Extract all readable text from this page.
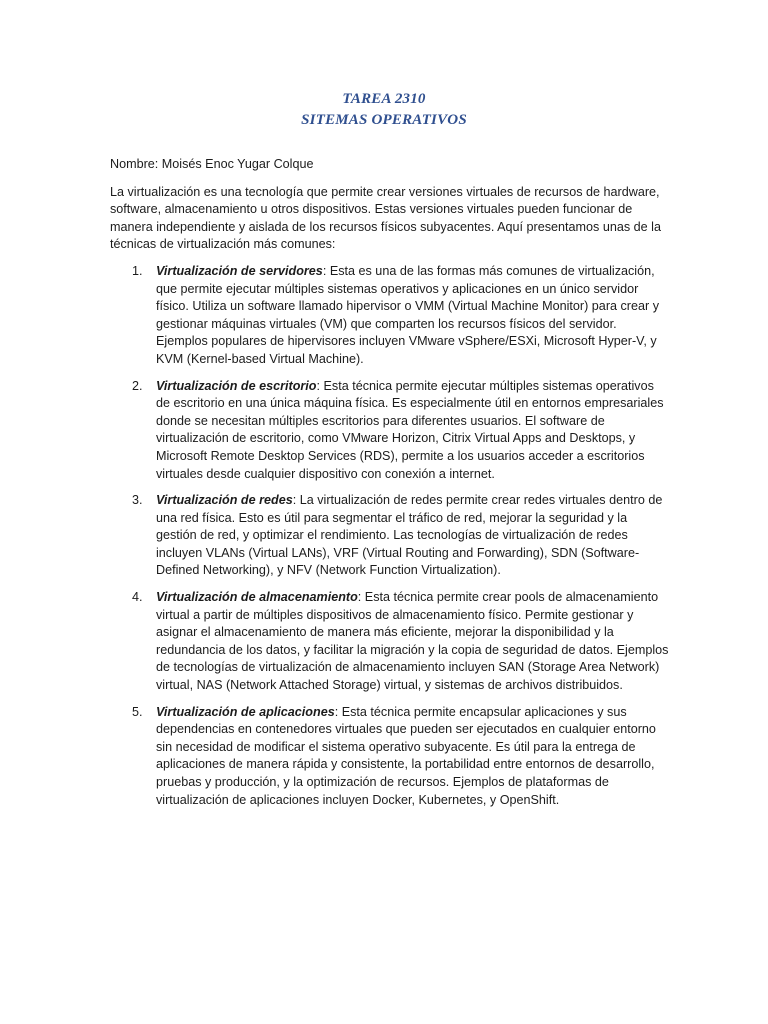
TAREA 2310
SITEMAS OPERATIVOS

Nombre: Moisés Enoc Yugar Colque

La virtualización es una tecnología que permite crear versiones virtuales de recursos de hardware, software, almacenamiento u otros dispositivos. Estas versiones virtuales pueden funcionar de manera independiente y aislada de los recursos físicos subyacentes. Aquí presentamos unas de la técnicas de virtualización más comunes:

1.	Virtualización de servidores: Esta es una de las formas más comunes de virtualización, que permite ejecutar múltiples sistemas operativos y aplicaciones en un único servidor físico. Utiliza un software llamado hipervisor o VMM (Virtual Machine Monitor) para crear y gestionar máquinas virtuales (VM) que comparten los recursos físicos del servidor. Ejemplos populares de hipervisores incluyen VMware vSphere/ESXi, Microsoft Hyper-V, y KVM (Kernel-based Virtual Machine).
2.	Virtualización de escritorio: Esta técnica permite ejecutar múltiples sistemas operativos de escritorio en una única máquina física. Es especialmente útil en entornos empresariales donde se necesitan múltiples escritorios para diferentes usuarios. El software de virtualización de escritorio, como VMware Horizon, Citrix Virtual Apps and Desktops, y Microsoft Remote Desktop Services (RDS), permite a los usuarios acceder a escritorios virtuales desde cualquier dispositivo con conexión a internet.
3.	Virtualización de redes: La virtualización de redes permite crear redes virtuales dentro de una red física. Esto es útil para segmentar el tráfico de red, mejorar la seguridad y la gestión de red, y optimizar el rendimiento. Las tecnologías de virtualización de redes incluyen VLANs (Virtual LANs), VRF (Virtual Routing and Forwarding), SDN (Software-Defined Networking), y NFV (Network Function Virtualization).
4.	Virtualización de almacenamiento: Esta técnica permite crear pools de almacenamiento virtual a partir de múltiples dispositivos de almacenamiento físico. Permite gestionar y asignar el almacenamiento de manera más eficiente, mejorar la disponibilidad y la redundancia de los datos, y facilitar la migración y la copia de seguridad de datos. Ejemplos de tecnologías de virtualización de almacenamiento incluyen SAN (Storage Area Network) virtual, NAS (Network Attached Storage) virtual, y sistemas de archivos distribuidos.
5.	Virtualización de aplicaciones: Esta técnica permite encapsular aplicaciones y sus dependencias en contenedores virtuales que pueden ser ejecutados en cualquier entorno sin necesidad de modificar el sistema operativo subyacente. Es útil para la entrega de aplicaciones de manera rápida y consistente, la portabilidad entre entornos de desarrollo, pruebas y producción, y la optimización de recursos. Ejemplos de plataformas de virtualización de aplicaciones incluyen Docker, Kubernetes, y OpenShift.
